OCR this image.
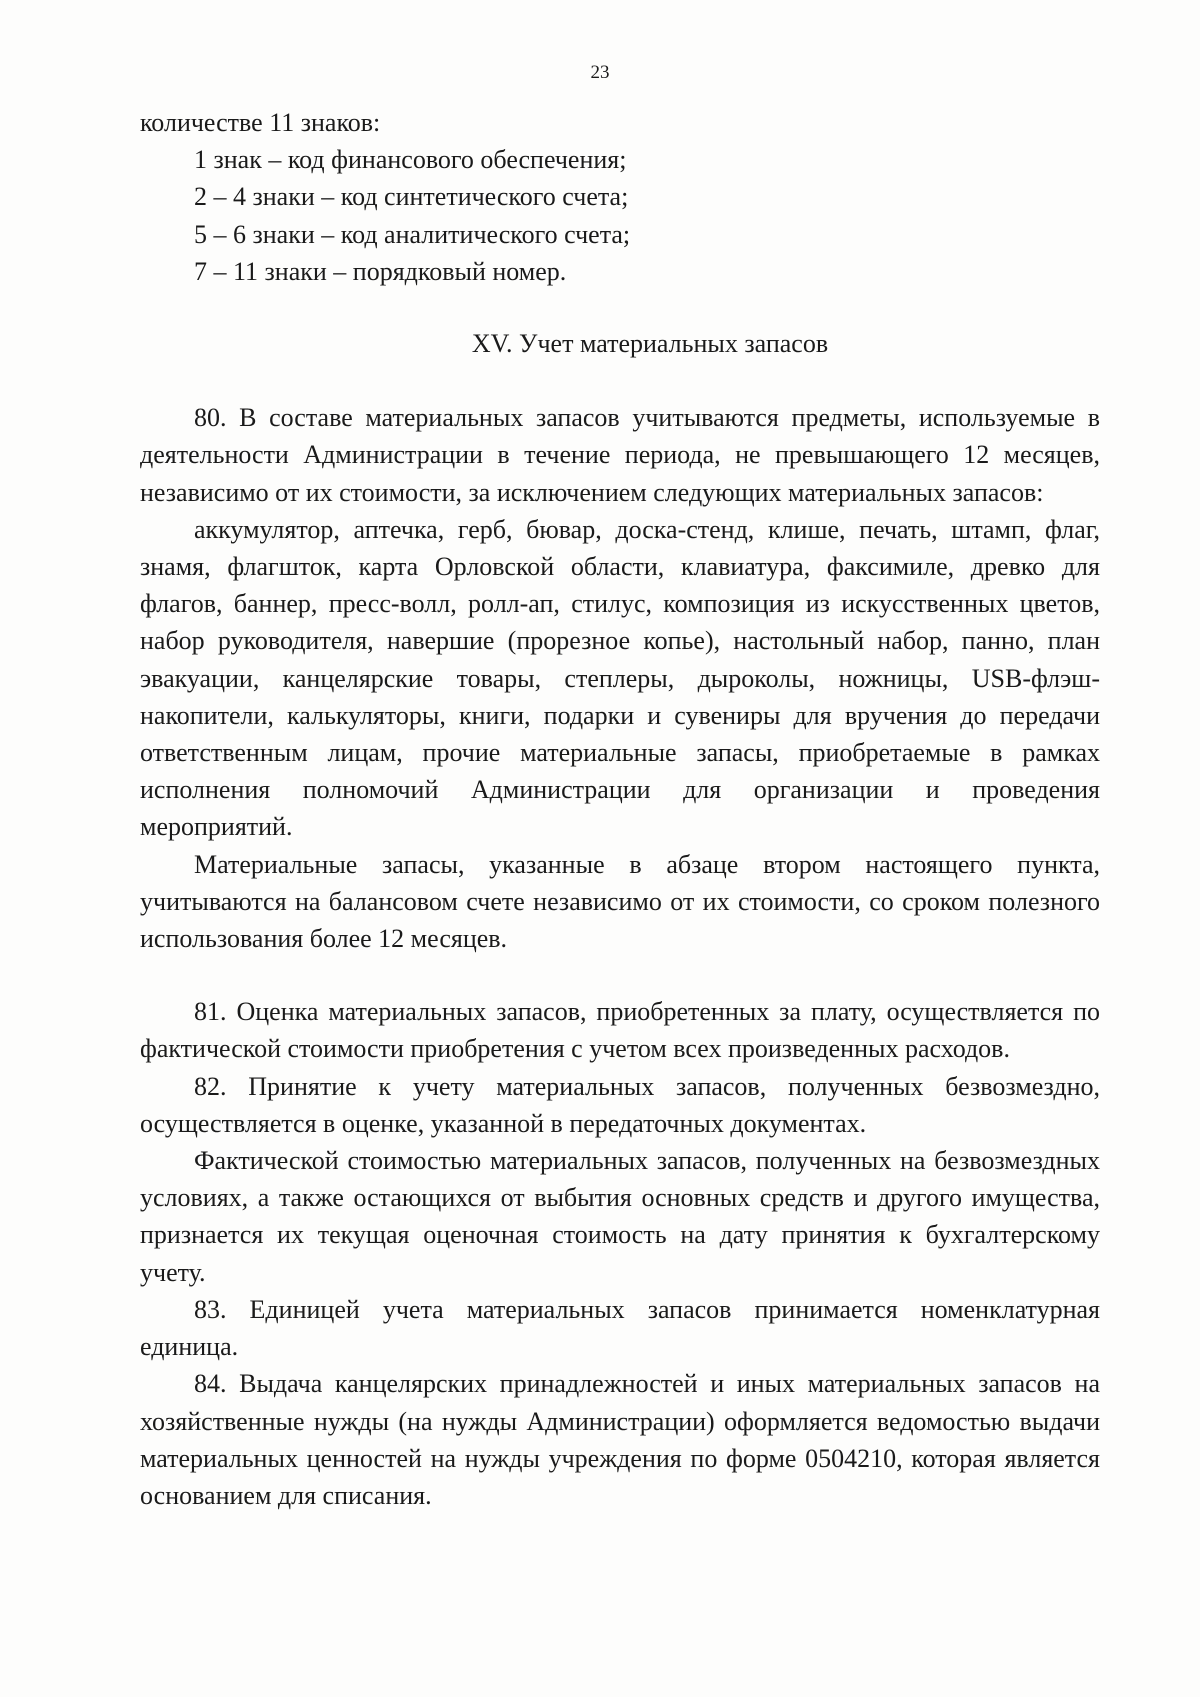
23

количестве 11 знаков:

1 знак – код финансового обеспечения;

2 – 4 знаки – код синтетического счета;

5 – 6 знаки – код аналитического счета;

7 – 11 знаки – порядковый номер.

XV. Учет материальных запасов

80. В составе материальных запасов учитываются предметы, используемые в деятельности Администрации в течение периода, не превышающего 12 месяцев, независимо от их стоимости, за исключением следующих материальных запасов:

аккумулятор, аптечка, герб, бювар, доска-стенд, клише, печать, штамп, флаг, знамя, флагшток, карта Орловской области, клавиатура, факсимиле, древко для флагов, баннер, пресс-волл, ролл-ап, стилус, композиция из искусственных цветов, набор руководителя, навершие (прорезное копье), настольный набор, панно, план эвакуации, канцелярские товары, степлеры, дыроколы, ножницы, USB-флэш-накопители, калькуляторы, книги, подарки и сувениры для вручения до передачи ответственным лицам, прочие материальные запасы, приобретаемые в рамках исполнения полномочий Администрации для организации и проведения мероприятий.

Материальные запасы, указанные в абзаце втором настоящего пункта, учитываются на балансовом счете независимо от их стоимости, со сроком полезного использования более 12 месяцев.

81. Оценка материальных запасов, приобретенных за плату, осуществляется по фактической стоимости приобретения с учетом всех произведенных расходов.

82. Принятие к учету материальных запасов, полученных безвозмездно, осуществляется в оценке, указанной в передаточных документах.

Фактической стоимостью материальных запасов, полученных на безвозмездных условиях, а также остающихся от выбытия основных средств и другого имущества, признается их текущая оценочная стоимость на дату принятия к бухгалтерскому учету.

83. Единицей учета материальных запасов принимается номенклатурная единица.

84. Выдача канцелярских принадлежностей и иных материальных запасов на хозяйственные нужды (на нужды Администрации) оформляется ведомостью выдачи материальных ценностей на нужды учреждения по форме 0504210, которая является основанием для списания.
